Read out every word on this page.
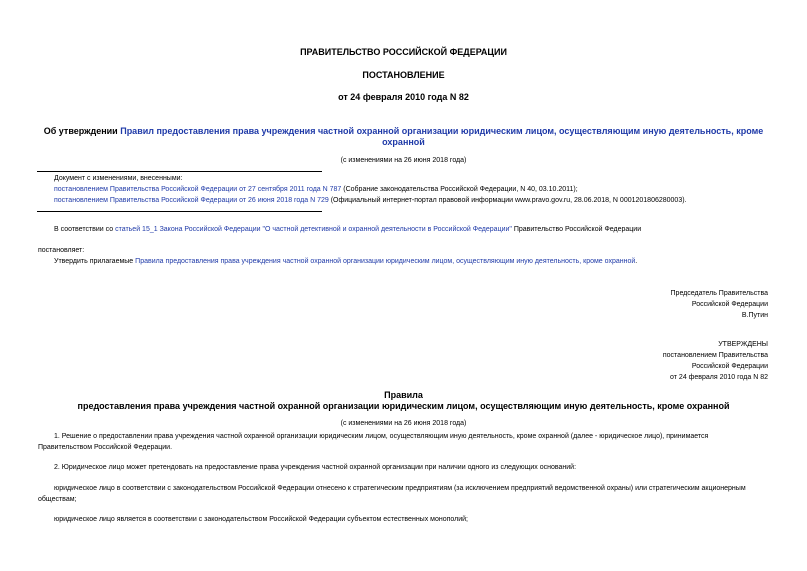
ПРАВИТЕЛЬСТВО РОССИЙСКОЙ ФЕДЕРАЦИИ
ПОСТАНОВЛЕНИЕ
от 24 февраля 2010 года N 82
Об утверждении Правил предоставления права учреждения частной охранной организации юридическим лицом, осуществляющим иную деятельность, кроме
охранной
(с изменениями на 26 июня 2018 года)
Документ с изменениями, внесенными:
постановлением Правительства Российской Федерации от 27 сентября 2011 года N 787 (Собрание законодательства Российской Федерации, N 40, 03.10.2011);
постановлением Правительства Российской Федерации от 26 июня 2018 года N 729 (Официальный интернет-портал правовой информации www.pravo.gov.ru, 28.06.2018, N 0001201806280003).
В соответствии со статьей 15_1 Закона Российской Федерации "О частной детективной и охранной деятельности в Российской Федерации" Правительство Российской Федерации
постановляет:
Утвердить прилагаемые Правила предоставления права учреждения частной охранной организации юридическим лицом, осуществляющим иную деятельность, кроме охранной.
Председатель Правительства
Российской Федерации
В.Путин
УТВЕРЖДЕНЫ
постановлением Правительства
Российской Федерации
от 24 февраля 2010 года N 82
Правила
предоставления права учреждения частной охранной организации юридическим лицом, осуществляющим иную деятельность, кроме охранной
(с изменениями на 26 июня 2018 года)
1. Решение о предоставлении права учреждения частной охранной организации юридическим лицом, осуществляющим иную деятельность, кроме охранной (далее - юридическое лицо), принимается
Правительством Российской Федерации.
2. Юридическое лицо может претендовать на предоставление права учреждения частной охранной организации при наличии одного из следующих оснований:
юридическое лицо в соответствии с законодательством Российской Федерации отнесено к стратегическим предприятиям (за исключением предприятий ведомственной охраны) или стратегическим акционерным
обществам;
юридическое лицо является в соответствии с законодательством Российской Федерации субъектом естественных монополий;
